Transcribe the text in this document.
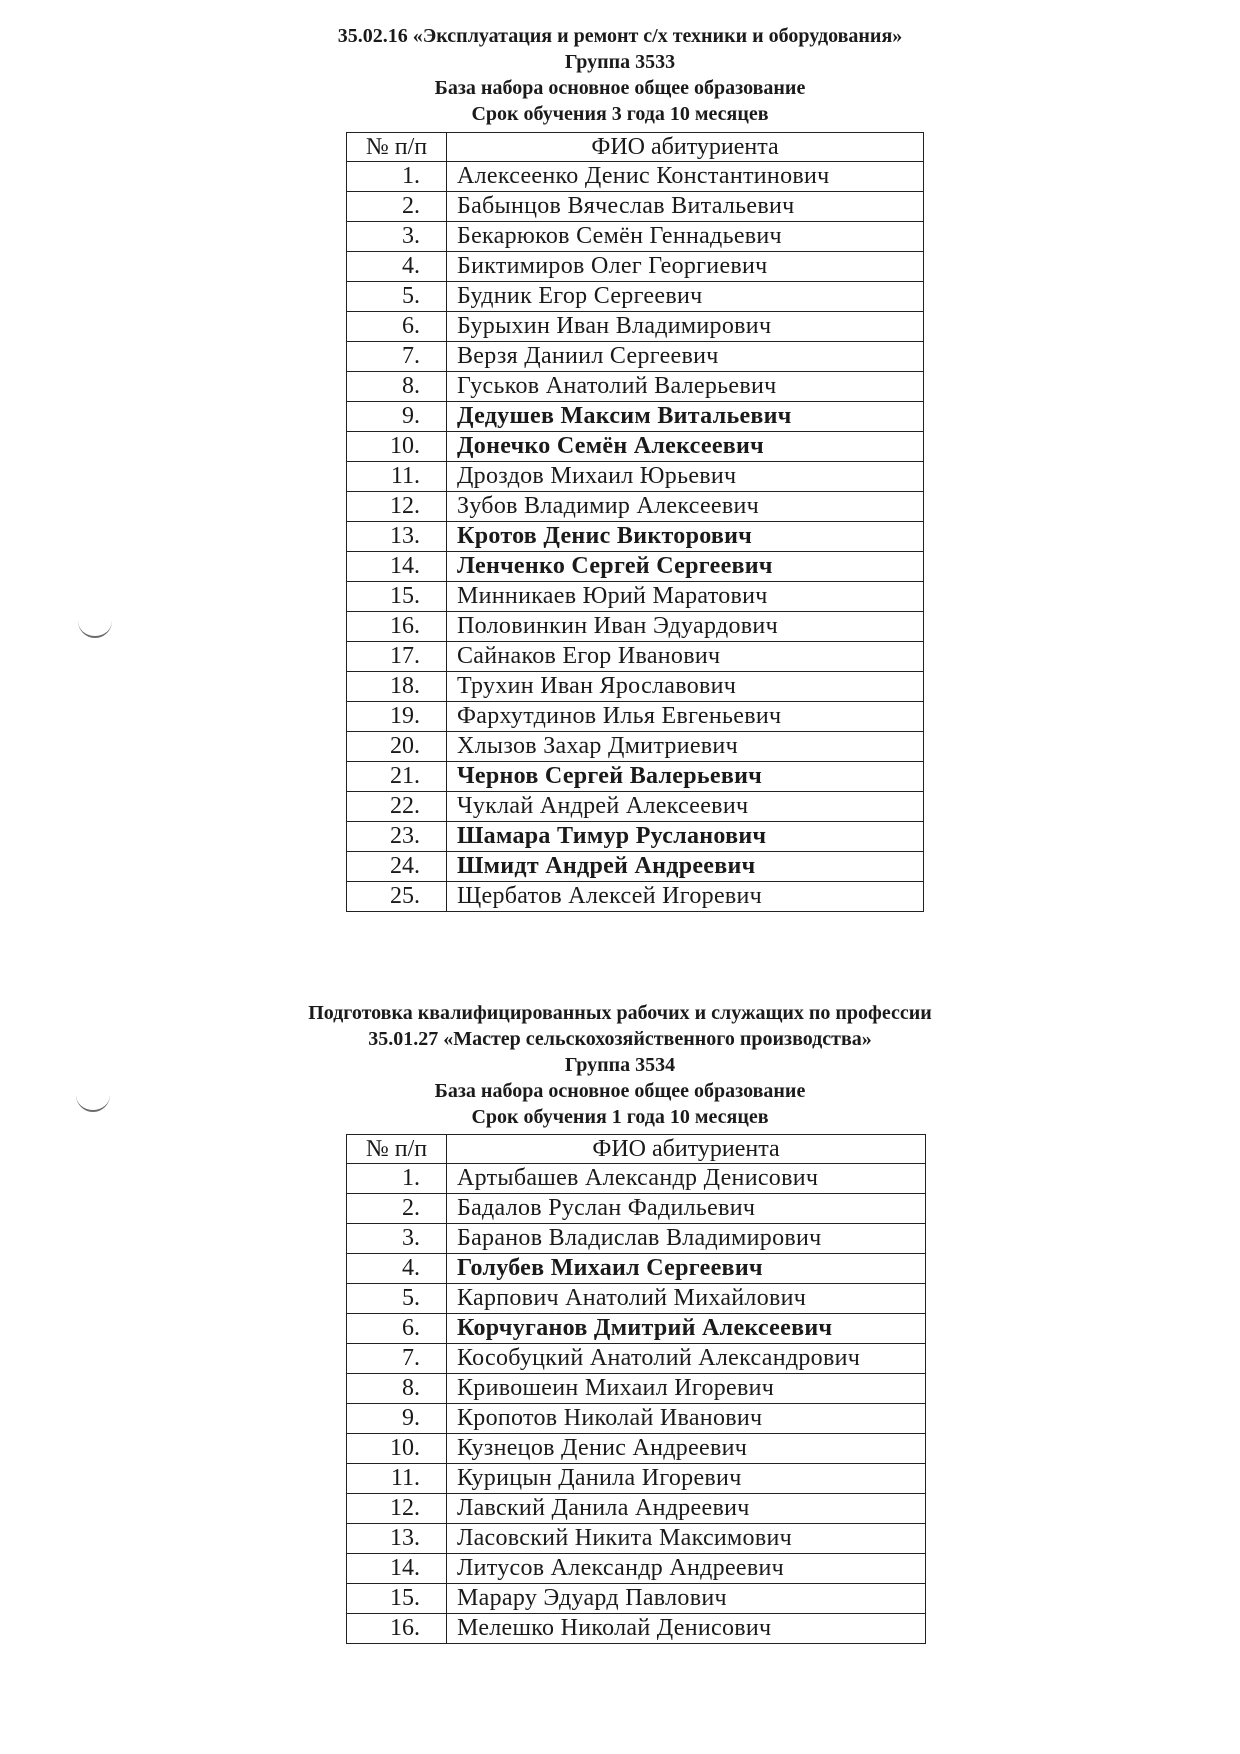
35.02.16 «Эксплуатация и ремонт с/х техники и оборудования»
Группа 3533
База набора основное общее образование
Срок обучения 3 года 10 месяцев
№ п/п	ФИО абитуриента
1.	Алексеенко Денис Константинович
2.	Бабынцов Вячеслав Витальевич
3.	Бекарюков Семён Геннадьевич
4.	Биктимиров Олег Георгиевич
5.	Будник Егор Сергеевич
6.	Бурыхин Иван Владимирович
7.	Верзя Даниил Сергеевич
8.	Гуськов Анатолий Валерьевич
9.	Дедушев Максим Витальевич
10.	Донечко Семён Алексеевич
11.	Дроздов Михаил Юрьевич
12.	Зубов Владимир Алексеевич
13.	Кротов Денис Викторович
14.	Ленченко Сергей Сергеевич
15.	Минникаев Юрий Маратович
16.	Половинкин Иван Эдуардович
17.	Сайнаков Егор Иванович
18.	Трухин Иван Ярославович
19.	Фархутдинов Илья Евгеньевич
20.	Хлызов Захар Дмитриевич
21.	Чернов Сергей Валерьевич
22.	Чуклай Андрей Алексеевич
23.	Шамара Тимур Русланович
24.	Шмидт Андрей Андреевич
25.	Щербатов Алексей Игоревич
Подготовка квалифицированных рабочих и служащих по профессии
35.01.27 «Мастер сельскохозяйственного производства»
Группа 3534
База набора основное общее образование
Срок обучения 1 года 10 месяцев
№ п/п	ФИО абитуриента
1.	Артыбашев Александр Денисович
2.	Бадалов Руслан Фадильевич
3.	Баранов Владислав Владимирович
4.	Голубев Михаил Сергеевич
5.	Карпович Анатолий Михайлович
6.	Корчуганов Дмитрий Алексеевич
7.	Кособуцкий Анатолий Александрович
8.	Кривошеин Михаил Игоревич
9.	Кропотов Николай Иванович
10.	Кузнецов Денис Андреевич
11.	Курицын Данила Игоревич
12.	Лавский Данила Андреевич
13.	Ласовский Никита Максимович
14.	Литусов Александр Андреевич
15.	Марару Эдуард Павлович
16.	Мелешко Николай Денисович
